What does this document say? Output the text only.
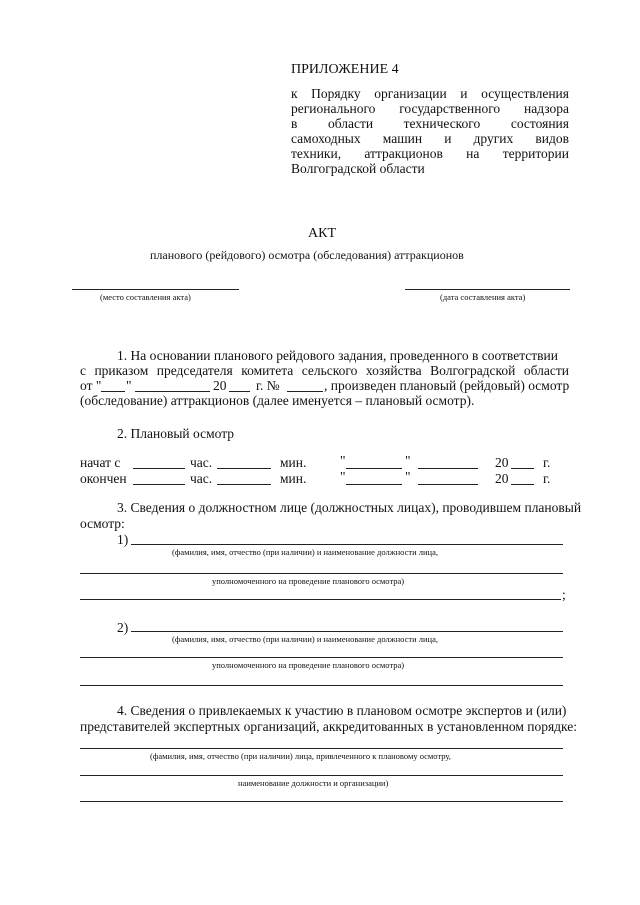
ПРИЛОЖЕНИЕ 4
к Порядку организации и осуществления
регионального государственного надзора
в области технического состояния
самоходных машин и других видов
техники, аттракционов на территории
Волгоградской области
АКТ
планового (рейдового) осмотра (обследования) аттракционов
(место составления акта)	(дата составления акта)
1. На основании планового рейдового задания, проведенного в соответствии
с приказом председателя комитета сельского хозяйства Волгоградской области
от " "	20 г. №	, произведен плановый (рейдовый) осмотр
(обследование) аттракционов (далее именуется – плановый осмотр).
2. Плановый осмотр
начат с	час.	мин. "	"	20	г.
окончен	час.	мин. "	"	20	г.
3. Сведения о должностном лице (должностных лицах), проводившем плановый
осмотр:
1)
(фамилия, имя, отчество (при наличии) и наименование должности лица,
уполномоченного на проведение планового осмотра)
;
2)
(фамилия, имя, отчество (при наличии) и наименование должности лица,
уполномоченного на проведение планового осмотра)
4. Сведения о привлекаемых к участию в плановом осмотре экспертов и (или)
представителей экспертных организаций, аккредитованных в установленном порядке:
(фамилия, имя, отчество (при наличии) лица, привлеченного к плановому осмотру,
наименование должности и организации)
